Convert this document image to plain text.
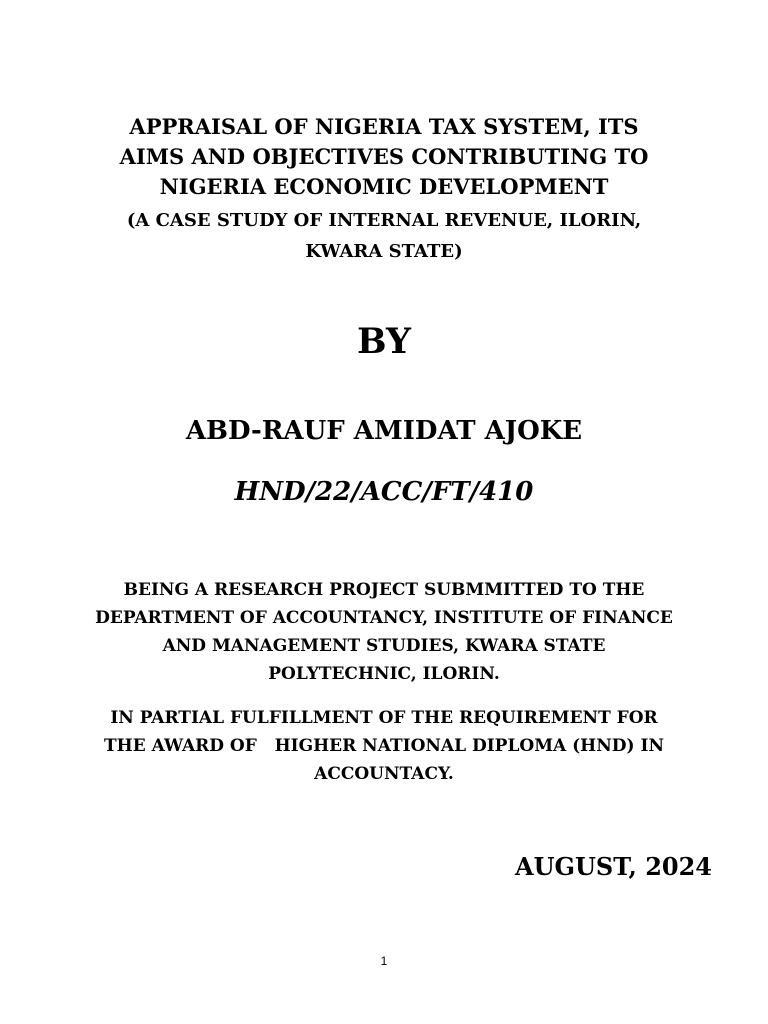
APPRAISAL OF NIGERIA TAX SYSTEM, ITS
AIMS AND OBJECTIVES CONTRIBUTING TO
NIGERIA ECONOMIC DEVELOPMENT
(A CASE STUDY OF INTERNAL REVENUE, ILORIN,
KWARA STATE)
BY
ABD-RAUF AMIDAT AJOKE
HND/22/ACC/FT/410
BEING A RESEARCH PROJECT SUBMMITTED TO THE
DEPARTMENT OF ACCOUNTANCY, INSTITUTE OF FINANCE
AND MANAGEMENT STUDIES, KWARA STATE
POLYTECHNIC, ILORIN.
IN PARTIAL FULFILLMENT OF THE REQUIREMENT FOR
THE AWARD OF   HIGHER NATIONAL DIPLOMA (HND) IN
ACCOUNTACY.
AUGUST, 2024
1
